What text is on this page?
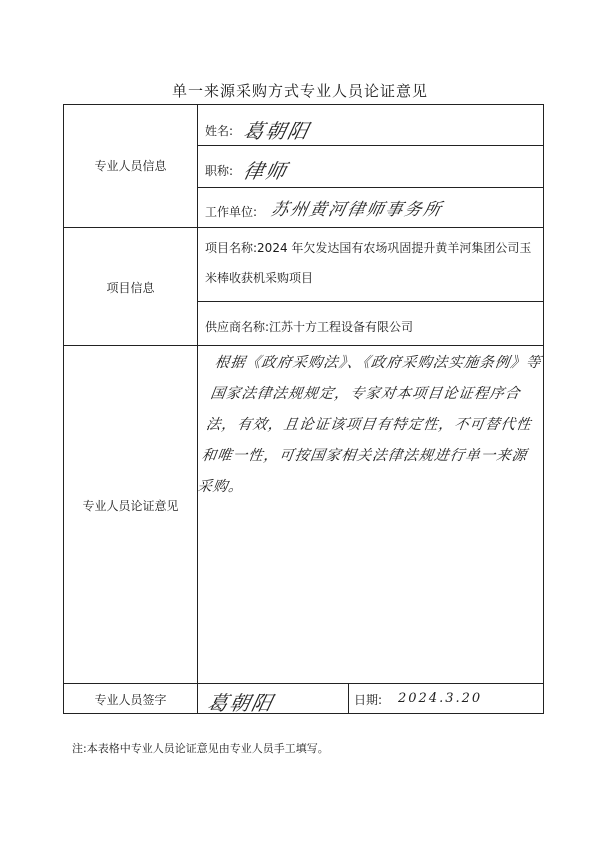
单一来源采购方式专业人员论证意见
专业人员信息
姓名: 葛朝阳
职称: 律师
工作单位: 苏州黄河律师事务所
项目信息
项目名称:2024 年欠发达国有农场巩固提升黄羊河集团公司玉米棒收获机采购项目
供应商名称:江苏十方工程设备有限公司
专业人员论证意见
根据《政府采购法》、《政府采购法实施条例》等国家法律法规规定，专家对本项目论证程序合法，有效，且论证该项目有特定性，不可替代性和唯一性，可按国家相关法律法规进行单一来源采购。
专业人员签字	葛朝阳	日期: 2024.3.20
注:本表格中专业人员论证意见由专业人员手工填写。
